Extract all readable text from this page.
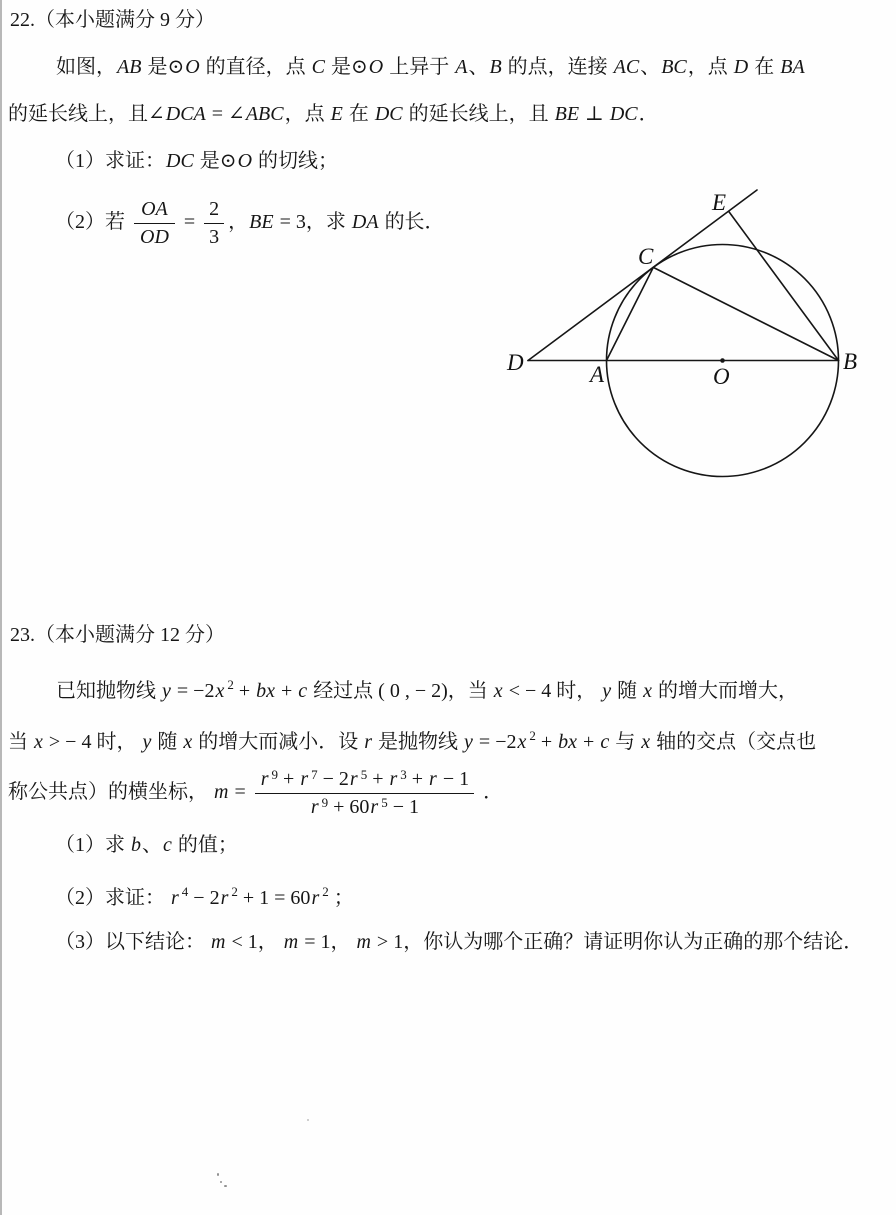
22.（本小题满分 9 分）
如图，AB 是⊙O 的直径，点 C 是⊙O 上异于 A、B 的点，连接 AC、BC，点 D 在 BA
的延长线上，且∠DCA = ∠ABC，点 E 在 DC 的延长线上，且 BE ⊥ DC．
（1）求证：DC 是⊙O 的切线；
（2）若 $\frac{OA}{OD} = \frac{2}{3}$ ，BE = 3，求 DA 的长．
D	A	O
B
C
E
23.（本小题满分 12 分）
已知抛物线 y = −2x $^2$ + bx + c 经过点 ( 0 , − 2)，当 x < − 4 时， y 随 x 的增大而增大，
当 x > − 4 时， y 随 x 的增大而减小．设 r 是抛物线 y = −2x $^2$ + bx + c 与 x 轴的交点（交点也
称公共点）的横坐标， $m = \frac{r ^9 + r ^7 - 2r ^5 + r ^3 + r - 1}{r ^9 + 60r ^5 - 1}$ ．
（1）求 b、c 的值；
（2）求证： r $^4$ − 2r $^2$ + 1 = 60r $^2$ ；
（3）以下结论： m < 1， m = 1， m > 1，你认为哪个正确？请证明你认为正确的那个结论．
